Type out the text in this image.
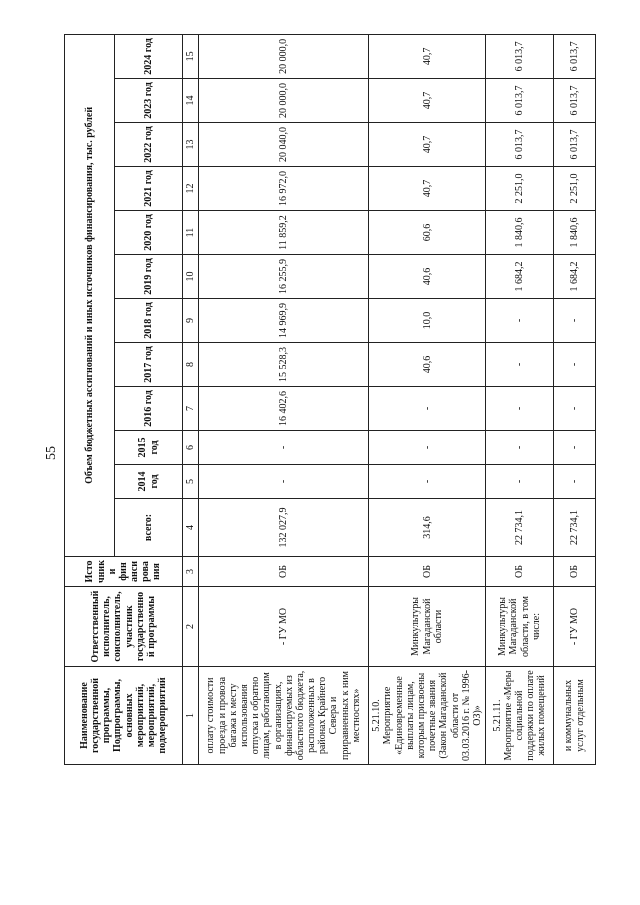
55
Наименование государственной программы, Подпрограммы, основных мероприятий, мероприятий, подмероприятий	Ответственный исполнитель, соисполнитель, участник государственной программы	Источники финансирования	Объем бюджетных ассигнований и иных источников финансирования, тыс. рублей											
			всего:	2014 год	2015 год	2016 год	2017 год	2018 год	2019 год	2020 год	2021 год	2022 год	2023 год	2024 год
1	2	3	4	5	6	7	8	9	10	11	12	13	14	15
оплату стоимости проезда и провоза багажа к месту использования отпуска и обратно лицам, работающим в организациях, финансируемых из областного бюджета, расположенных в районах Крайнего Севера и приравненных к ним местностях»	- ГУ МО	ОБ	132 027,9	-	-	16 402,6	15 528,3	14 969,9	16 255,9	11 859,2	16 972,0	20 040,0	20 000,0	20 000,0
5.21.10. Мероприятие «Единовременные выплаты лицам, которым присвоены почетные звания (Закон Магаданской области от 03.03.2016 г. № 1996-ОЗ)»	Минкультуры Магаданской области	ОБ	314,6	-	-	-	40,6	10,0	40,6	60,6	40,7	40,7	40,7	40,7
5.21.11. Мероприятие «Меры социальной поддержки по оплате жилых помещений	Минкультуры Магаданской области, в том числе:	ОБ	22 734,1	-	-	-	-	-	1 684,2	1 840,6	2 251,0	6 013,7	6 013,7	6 013,7
и коммунальных услуг отдельным	- ГУ МО	ОБ	22 734,1	-	-	-	-	-	1 684,2	1 840,6	2 251,0	6 013,7	6 013,7	6 013,7
